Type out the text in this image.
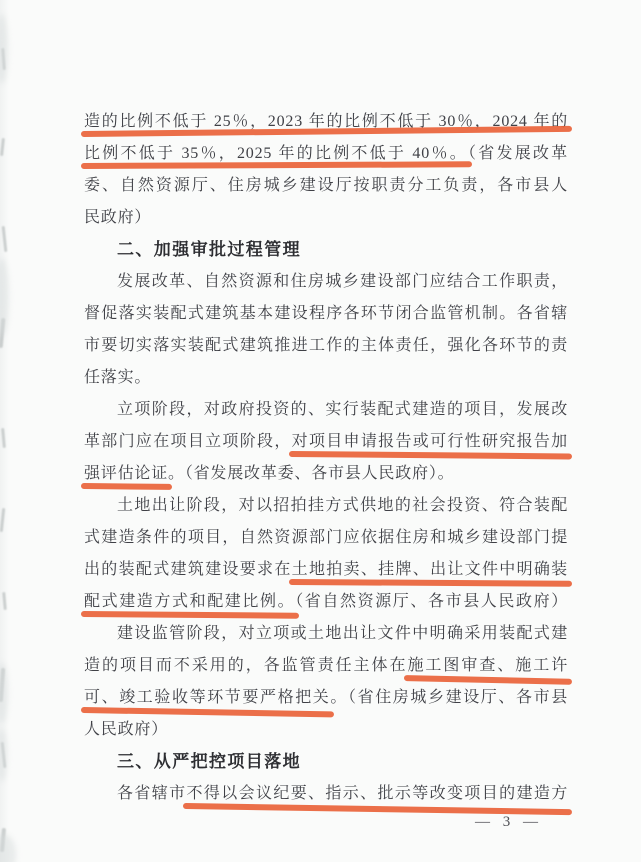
造的比例不低于 25％，2023 年的比例不低于 30％，2024 年的
比例不低于 35％，2025 年的比例不低于 40％。（省发展改革
委、自然资源厅、住房城乡建设厅按职责分工负责，各市县人
民政府）
二、加强审批过程管理
发展改革、自然资源和住房城乡建设部门应结合工作职责，
督促落实装配式建筑基本建设程序各环节闭合监管机制。各省辖
市要切实落实装配式建筑推进工作的主体责任，强化各环节的责
任落实。
立项阶段，对政府投资的、实行装配式建造的项目，发展改
革部门应在项目立项阶段，对项目申请报告或可行性研究报告加
强评估论证。（省发展改革委、各市县人民政府）。
土地出让阶段，对以招拍挂方式供地的社会投资、符合装配
式建造条件的项目，自然资源部门应依据住房和城乡建设部门提
出的装配式建筑建设要求在土地拍卖、挂牌、出让文件中明确装
配式建造方式和配建比例。（省自然资源厅、各市县人民政府）
建设监管阶段，对立项或土地出让文件中明确采用装配式建
造的项目而不采用的，各监管责任主体在施工图审查、施工许
可、竣工验收等环节要严格把关。（省住房城乡建设厅、各市县
人民政府）
三、从严把控项目落地
各省辖市不得以会议纪要、指示、批示等改变项目的建造方
— 3 —
